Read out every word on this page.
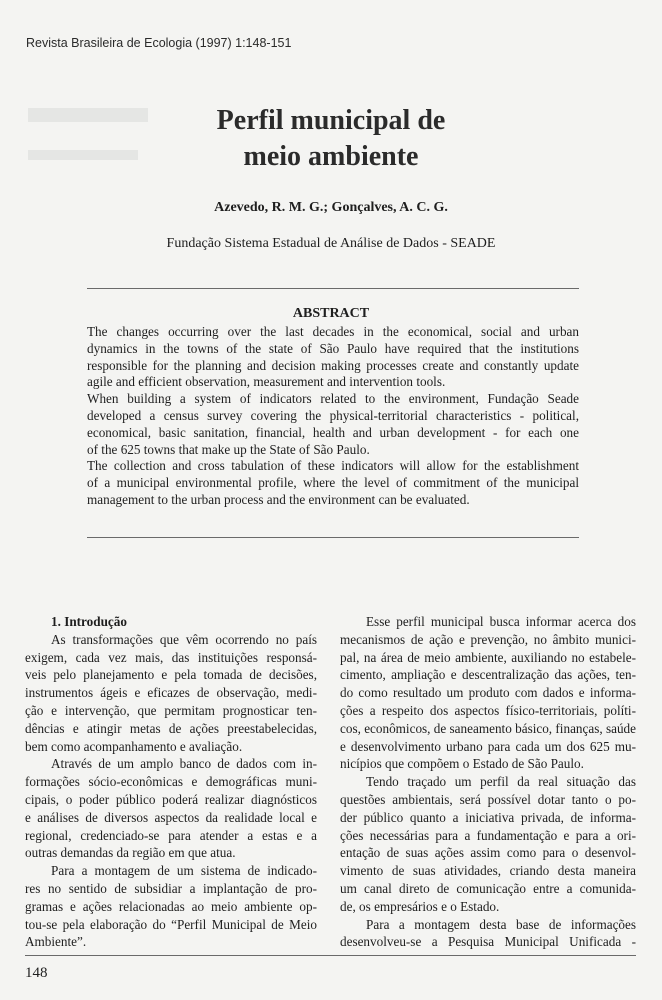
Revista Brasileira de Ecologia (1997) 1:148-151
Perfil municipal de
meio ambiente
Azevedo, R. M. G.; Gonçalves, A. C. G.
Fundação Sistema Estadual de Análise de Dados - SEADE
ABSTRACT
The changes occurring over the last decades in the economical, social and urban
dynamics in the towns of the state of São Paulo have required that the institutions
responsible for the planning and decision making processes create and constantly update
agile and efficient observation, measurement and intervention tools.
When building a system of indicators related to the environment, Fundação Seade
developed a census survey covering the physical-territorial characteristics - political,
economical, basic sanitation, financial, health and urban development - for each one
of the 625 towns that make up the State of São Paulo.
The collection and cross tabulation of these indicators will allow for the establishment
of a municipal environmental profile, where the level of commitment of the municipal
management to the urban process and the environment can be evaluated.
1. Introdução
As transformações que vêm ocorrendo no país
exigem, cada vez mais, das instituições responsá-
veis pelo planejamento e pela tomada de decisões,
instrumentos ágeis e eficazes de observação, medi-
ção e intervenção, que permitam prognosticar ten-
dências e atingir metas de ações preestabelecidas,
bem como acompanhamento e avaliação.
Através de um amplo banco de dados com in-
formações sócio-econômicas e demográficas muni-
cipais, o poder público poderá realizar diagnósticos
e análises de diversos aspectos da realidade local e
regional, credenciado-se para atender a estas e a
outras demandas da região em que atua.
Para a montagem de um sistema de indicado-
res no sentido de subsidiar a implantação de pro-
gramas e ações relacionadas ao meio ambiente op-
tou-se pela elaboração do “Perfil Municipal de Meio
Ambiente”.
Esse perfil municipal busca informar acerca dos
mecanismos de ação e prevenção, no âmbito munici-
pal, na área de meio ambiente, auxiliando no estabele-
cimento, ampliação e descentralização das ações, ten-
do como resultado um produto com dados e informa-
ções a respeito dos aspectos físico-territoriais, políti-
cos, econômicos, de saneamento básico, finanças, saúde
e desenvolvimento urbano para cada um dos 625 mu-
nicípios que compõem o Estado de São Paulo.
Tendo traçado um perfil da real situação das
questões ambientais, será possível dotar tanto o po-
der público quanto a iniciativa privada, de informa-
ções necessárias para a fundamentação e para a ori-
entação de suas ações assim como para o desenvol-
vimento de suas atividades, criando desta maneira
um canal direto de comunicação entre a comunida-
de, os empresários e o Estado.
Para a montagem desta base de informações
desenvolveu-se a Pesquisa Municipal Unificada -
148
